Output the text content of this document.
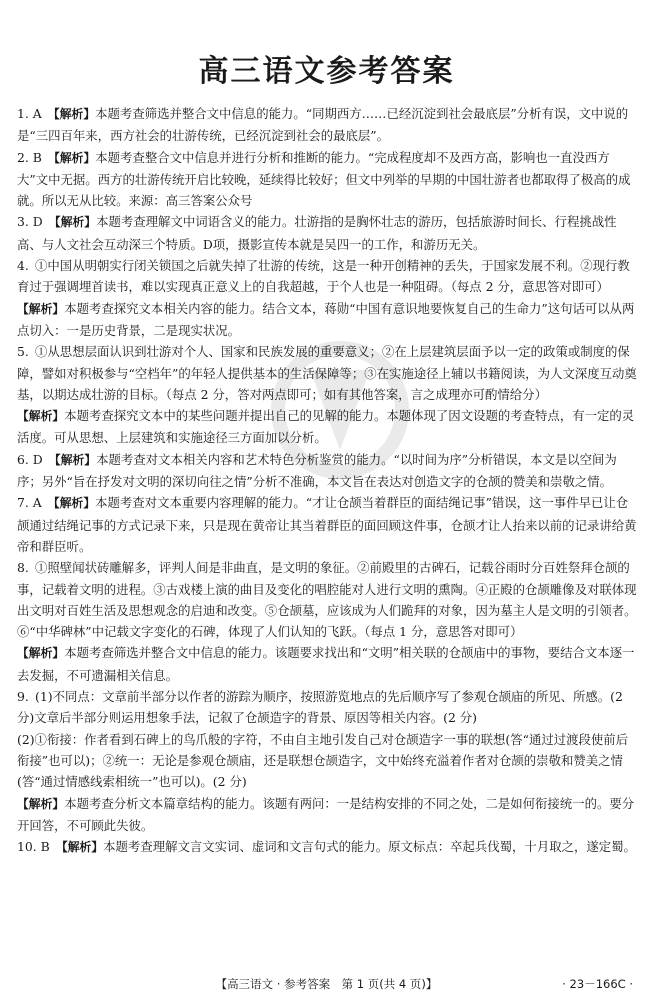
高三语文参考答案

1. A  【解析】本题考查筛选并整合文中信息的能力。“同期西方……已经沉淀到社会最底层”分析有误，文中说的是“三四百年来，西方社会的壮游传统，已经沉淀到社会的最底层”。

2. B  【解析】本题考查整合文中信息并进行分析和推断的能力。“完成程度却不及西方高，影响也一直没西方大”文中无据。西方的壮游传统开启比较晚，延续得比较好；但文中列举的早期的中国壮游者也都取得了极高的成就。所以无从比较。来源：高三答案公众号

3. D  【解析】本题考查理解文中词语含义的能力。壮游指的是胸怀壮志的游历，包括旅游时间长、行程挑战性高、与人文社会互动深三个特质。D项，摄影宣传本就是吴四一的工作，和游历无关。

4.  ①中国从明朝实行闭关锁国之后就失掉了壮游的传统，这是一种开创精神的丢失，于国家发展不利。②现行教育过于强调埋首读书，难以实现真正意义上的自我超越，于个人也是一种阻碍。（每点 2 分，意思答对即可）

【解析】本题考查探究文本相关内容的能力。结合文本，蒋勋“中国有意识地要恢复自己的生命力”这句话可以从两点切入：一是历史背景，二是现实状况。

5.  ①从思想层面认识到壮游对个人、国家和民族发展的重要意义；②在上层建筑层面予以一定的政策或制度的保障，譬如对积极参与“空档年”的年轻人提供基本的生活保障等；③在实施途径上辅以书籍阅读，为人文深度互动奠基，以期达成壮游的目标。（每点 2 分，答对两点即可；如有其他答案，言之成理亦可酌情给分）

【解析】本题考查探究文本中的某些问题并提出自己的见解的能力。本题体现了因文设题的考查特点，有一定的灵活度。可从思想、上层建筑和实施途径三方面加以分析。

6. D  【解析】本题考查对文本相关内容和艺术特色分析鉴赏的能力。“以时间为序”分析错误，本文是以空间为序；另外“旨在抒发对文明的深切向往之情”分析不准确，本文旨在表达对创造文字的仓颉的赞美和崇敬之情。

7. A  【解析】本题考查对文本重要内容理解的能力。“才让仓颉当着群臣的面结绳记事”错误，这一事件早已让仓颉通过结绳记事的方式记录下来，只是现在黄帝让其当着群臣的面回顾这件事，仓颉才让人抬来以前的记录讲给黄帝和群臣听。

8.  ①照壁闻状砖雕解多，评判人间是非曲直，是文明的象征。②前殿里的古碑石，记载谷雨时分百姓祭拜仓颉的事，记载着文明的进程。③古戏楼上演的曲目及变化的唱腔能对人进行文明的熏陶。④正殿的仓颉雕像及对联体现出文明对百姓生活及思想观念的启迪和改变。⑤仓颉墓，应该成为人们跪拜的对象，因为墓主人是文明的引领者。⑥“中华碑林”中记载文字变化的石碑，体现了人们认知的飞跃。（每点 1 分，意思答对即可）

【解析】本题考查筛选并整合文中信息的能力。该题要求找出和“文明”相关联的仓颉庙中的事物，要结合文本逐一去发掘，不可遗漏相关信息。

9.  (1)不同点：文章前半部分以作者的游踪为顺序，按照游览地点的先后顺序写了参观仓颉庙的所见、所感。(2 分)文章后半部分则运用想象手法，记叙了仓颉造字的背景、原因等相关内容。(2 分)

(2)①衔接：作者看到石碑上的鸟爪般的字符，不由自主地引发自己对仓颉造字一事的联想(答“通过过渡段使前后衔接”也可以)；②统一：无论是参观仓颉庙，还是联想仓颉造字，文中始终充溢着作者对仓颉的崇敬和赞美之情(答“通过情感线索相统一”也可以)。(2 分)

【解析】本题考查分析文本篇章结构的能力。该题有两问：一是结构安排的不同之处，二是如何衔接统一的。要分开回答，不可顾此失彼。

10. B  【解析】本题考查理解文言文实词、虚词和文言句式的能力。原文标点：卒起兵伐蜀，十月取之，遂定蜀。

【高三语文 · 参考答案　第 1 页(共 4 页)】	· 23－166C ·
